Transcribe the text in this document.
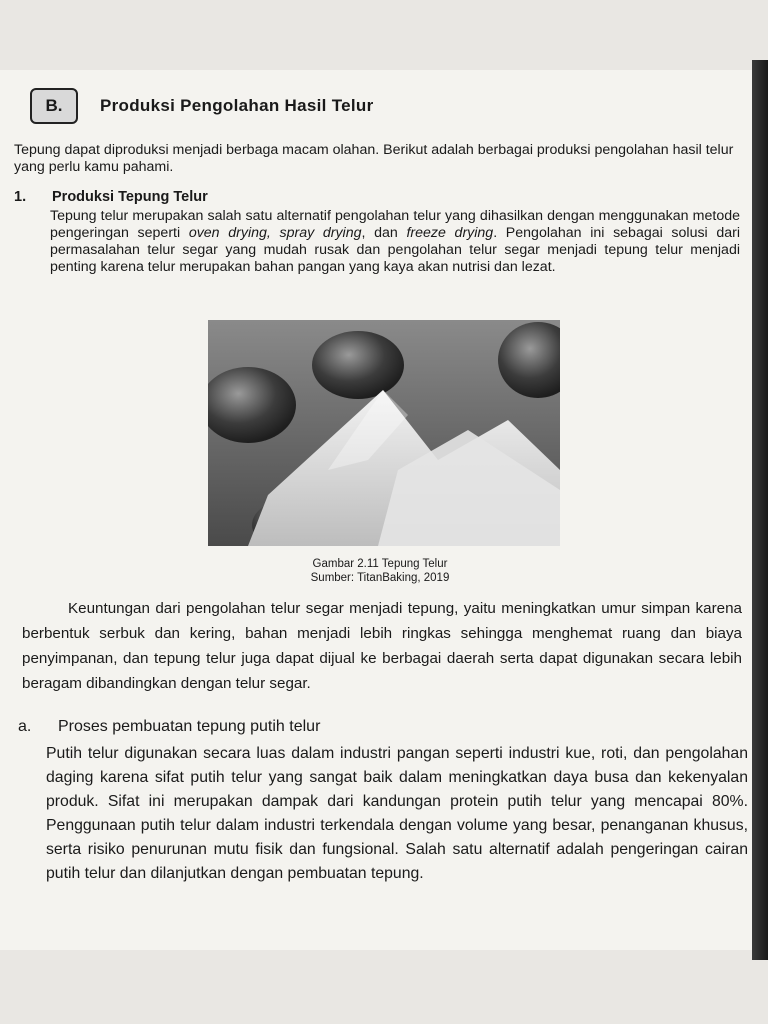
B.	Produksi Pengolahan Hasil Telur
Tepung dapat diproduksi menjadi berbaga macam olahan. Berikut adalah berbagai produksi pengolahan hasil telur yang perlu kamu pahami.
1. Produksi Tepung Telur
Tepung telur merupakan salah satu alternatif pengolahan telur yang dihasilkan dengan menggunakan metode pengeringan seperti oven drying, spray drying, dan freeze drying. Pengolahan ini sebagai solusi dari permasalahan telur segar yang mudah rusak dan pengolahan telur segar menjadi tepung telur menjadi penting karena telur merupakan bahan pangan yang kaya akan nutrisi dan lezat.
Gambar 2.11 Tepung Telur
Sumber: TitanBaking, 2019
Keuntungan dari pengolahan telur segar menjadi tepung, yaitu meningkatkan umur simpan karena berbentuk serbuk dan kering, bahan menjadi lebih ringkas sehingga menghemat ruang dan biaya penyimpanan, dan tepung telur juga dapat dijual ke berbagai daerah serta dapat digunakan secara lebih beragam dibandingkan dengan telur segar.
a. Proses pembuatan tepung putih telur
Putih telur digunakan secara luas dalam industri pangan seperti industri kue, roti, dan pengolahan daging karena sifat putih telur yang sangat baik dalam meningkatkan daya busa dan kekenyalan produk. Sifat ini merupakan dampak dari kandungan protein putih telur yang mencapai 80%. Penggunaan putih telur dalam industri terkendala dengan volume yang besar, penanganan khusus, serta risiko penurunan mutu fisik dan fungsional. Salah satu alternatif adalah pengeringan cairan putih telur dan dilanjutkan dengan pembuatan tepung.
